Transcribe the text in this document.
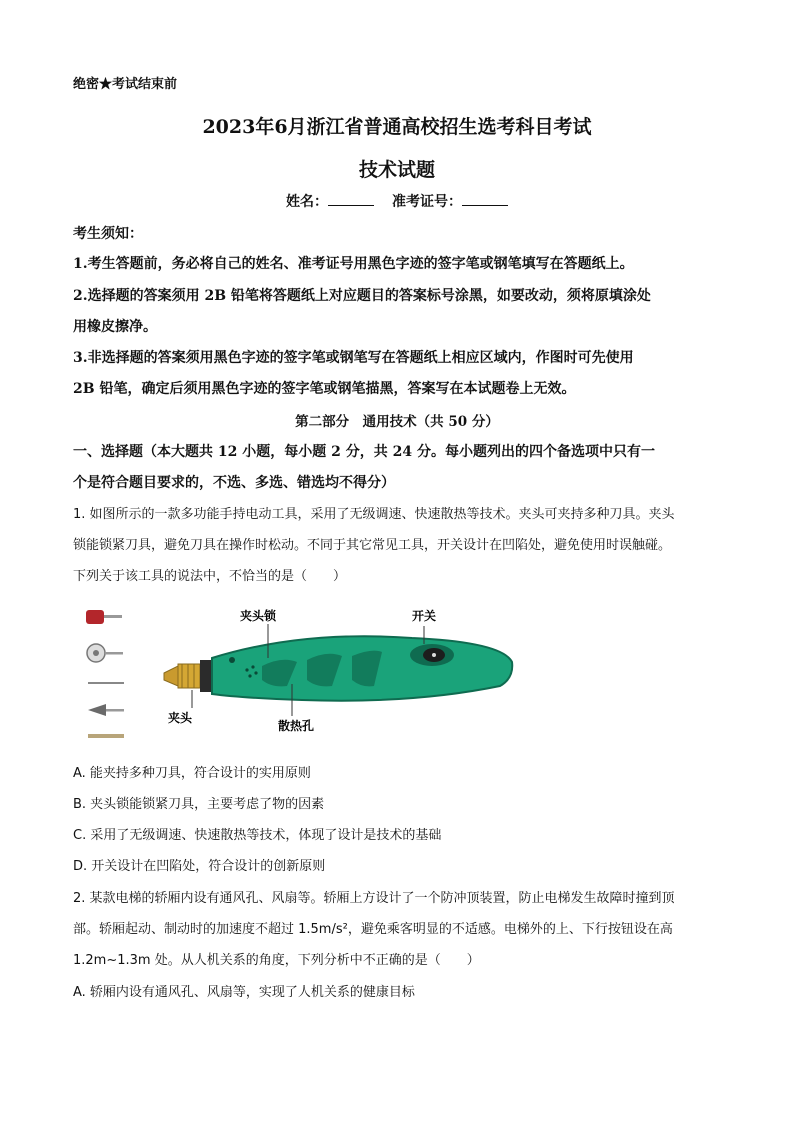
绝密★考试结束前
2023年6月浙江省普通高校招生选考科目考试
技术试题
姓名：	准考证号：
考生须知：
1.考生答题前，务必将自己的姓名、准考证号用黑色字迹的签字笔或钢笔填写在答题纸上。
2.选择题的答案须用 2B 铅笔将答题纸上对应题目的答案标号涂黑，如要改动，须将原填涂处
用橡皮擦净。
3.非选择题的答案须用黑色字迹的签字笔或钢笔写在答题纸上相应区域内，作图时可先使用
2B 铅笔，确定后须用黑色字迹的签字笔或钢笔描黑，答案写在本试题卷上无效。
第二部分　通用技术（共 50 分）
一、选择题（本大题共 12 小题，每小题 2 分，共 24 分。每小题列出的四个备选项中只有一
个是符合题目要求的，不选、多选、错选均不得分）
1. 如图所示的一款多功能手持电动工具，采用了无级调速、快速散热等技术。夹头可夹持多种刀具。夹头
锁能锁紧刀具，避免刀具在操作时松动。不同于其它常见工具，开关设计在凹陷处，避免使用时误触碰。
下列关于该工具的说法中，不恰当的是（　　）
夹头锁	开关
夹头
散热孔
A. 能夹持多种刀具，符合设计的实用原则
B. 夹头锁能锁紧刀具，主要考虑了物的因素
C. 采用了无级调速、快速散热等技术，体现了设计是技术的基础
D. 开关设计在凹陷处，符合设计的创新原则
2. 某款电梯的轿厢内设有通风孔、风扇等。轿厢上方设计了一个防冲顶装置，防止电梯发生故障时撞到顶
部。轿厢起动、制动时的加速度不超过 1.5m/s²，避免乘客明显的不适感。电梯外的上、下行按钮设在高
1.2m~1.3m 处。从人机关系的角度，下列分析中不正确的是（　　）
A. 轿厢内设有通风孔、风扇等，实现了人机关系的健康目标
